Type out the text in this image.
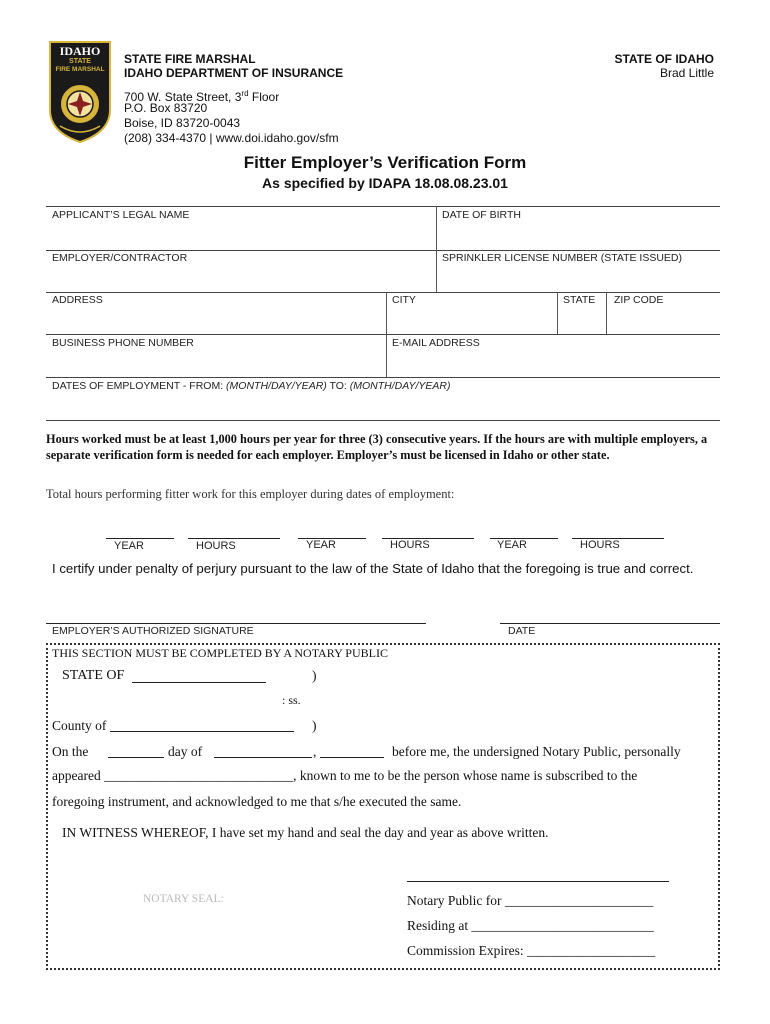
IDAHO
STATE
FIRE MARSHAL
STATE FIRE MARSHAL
IDAHO DEPARTMENT OF INSURANCE
700 W. State Street, 3rd Floor
P.O. Box 83720
Boise, ID 83720-0043
(208) 334-4370 | www.doi.idaho.gov/sfm
STATE OF IDAHO
Brad Little
Fitter Employer’s Verification Form
As specified by IDAPA 18.08.08.23.01
APPLICANT’S LEGAL NAME	DATE OF BIRTH
EMPLOYER/CONTRACTOR	SPRINKLER LICENSE NUMBER (STATE ISSUED)
ADDRESS	CITY	STATE ZIP CODE
BUSINESS PHONE NUMBER	E-MAIL ADDRESS
DATES OF EMPLOYMENT - FROM: (MONTH/DAY/YEAR) TO: (MONTH/DAY/YEAR)
Hours worked must be at least 1,000 hours per year for three (3) consecutive years. If the hours are with multiple employers, a separate verification form is needed for each employer. Employer’s must be licensed in Idaho or other state.
Total hours performing fitter work for this employer during dates of employment:
YEAR	HOURS	YEAR	HOURS	YEAR	HOURS
I certify under penalty of perjury pursuant to the law of the State of Idaho that the foregoing is true and correct.
EMPLOYER’S AUTHORIZED SIGNATURE	DATE
THIS SECTION MUST BE COMPLETED BY A NOTARY PUBLIC
STATE OF	)
: ss.
County of	)
On the	day of	,	before me, the undersigned Notary Public, personally
appeared ____________________________, known to me to be the person whose name is subscribed to the
foregoing instrument, and acknowledged to me that s/he executed the same.
IN WITNESS WHEREOF, I have set my hand and seal the day and year as above written.
NOTARY SEAL:	Notary Public for ______________________
Residing at ___________________________
Commission Expires: ___________________
